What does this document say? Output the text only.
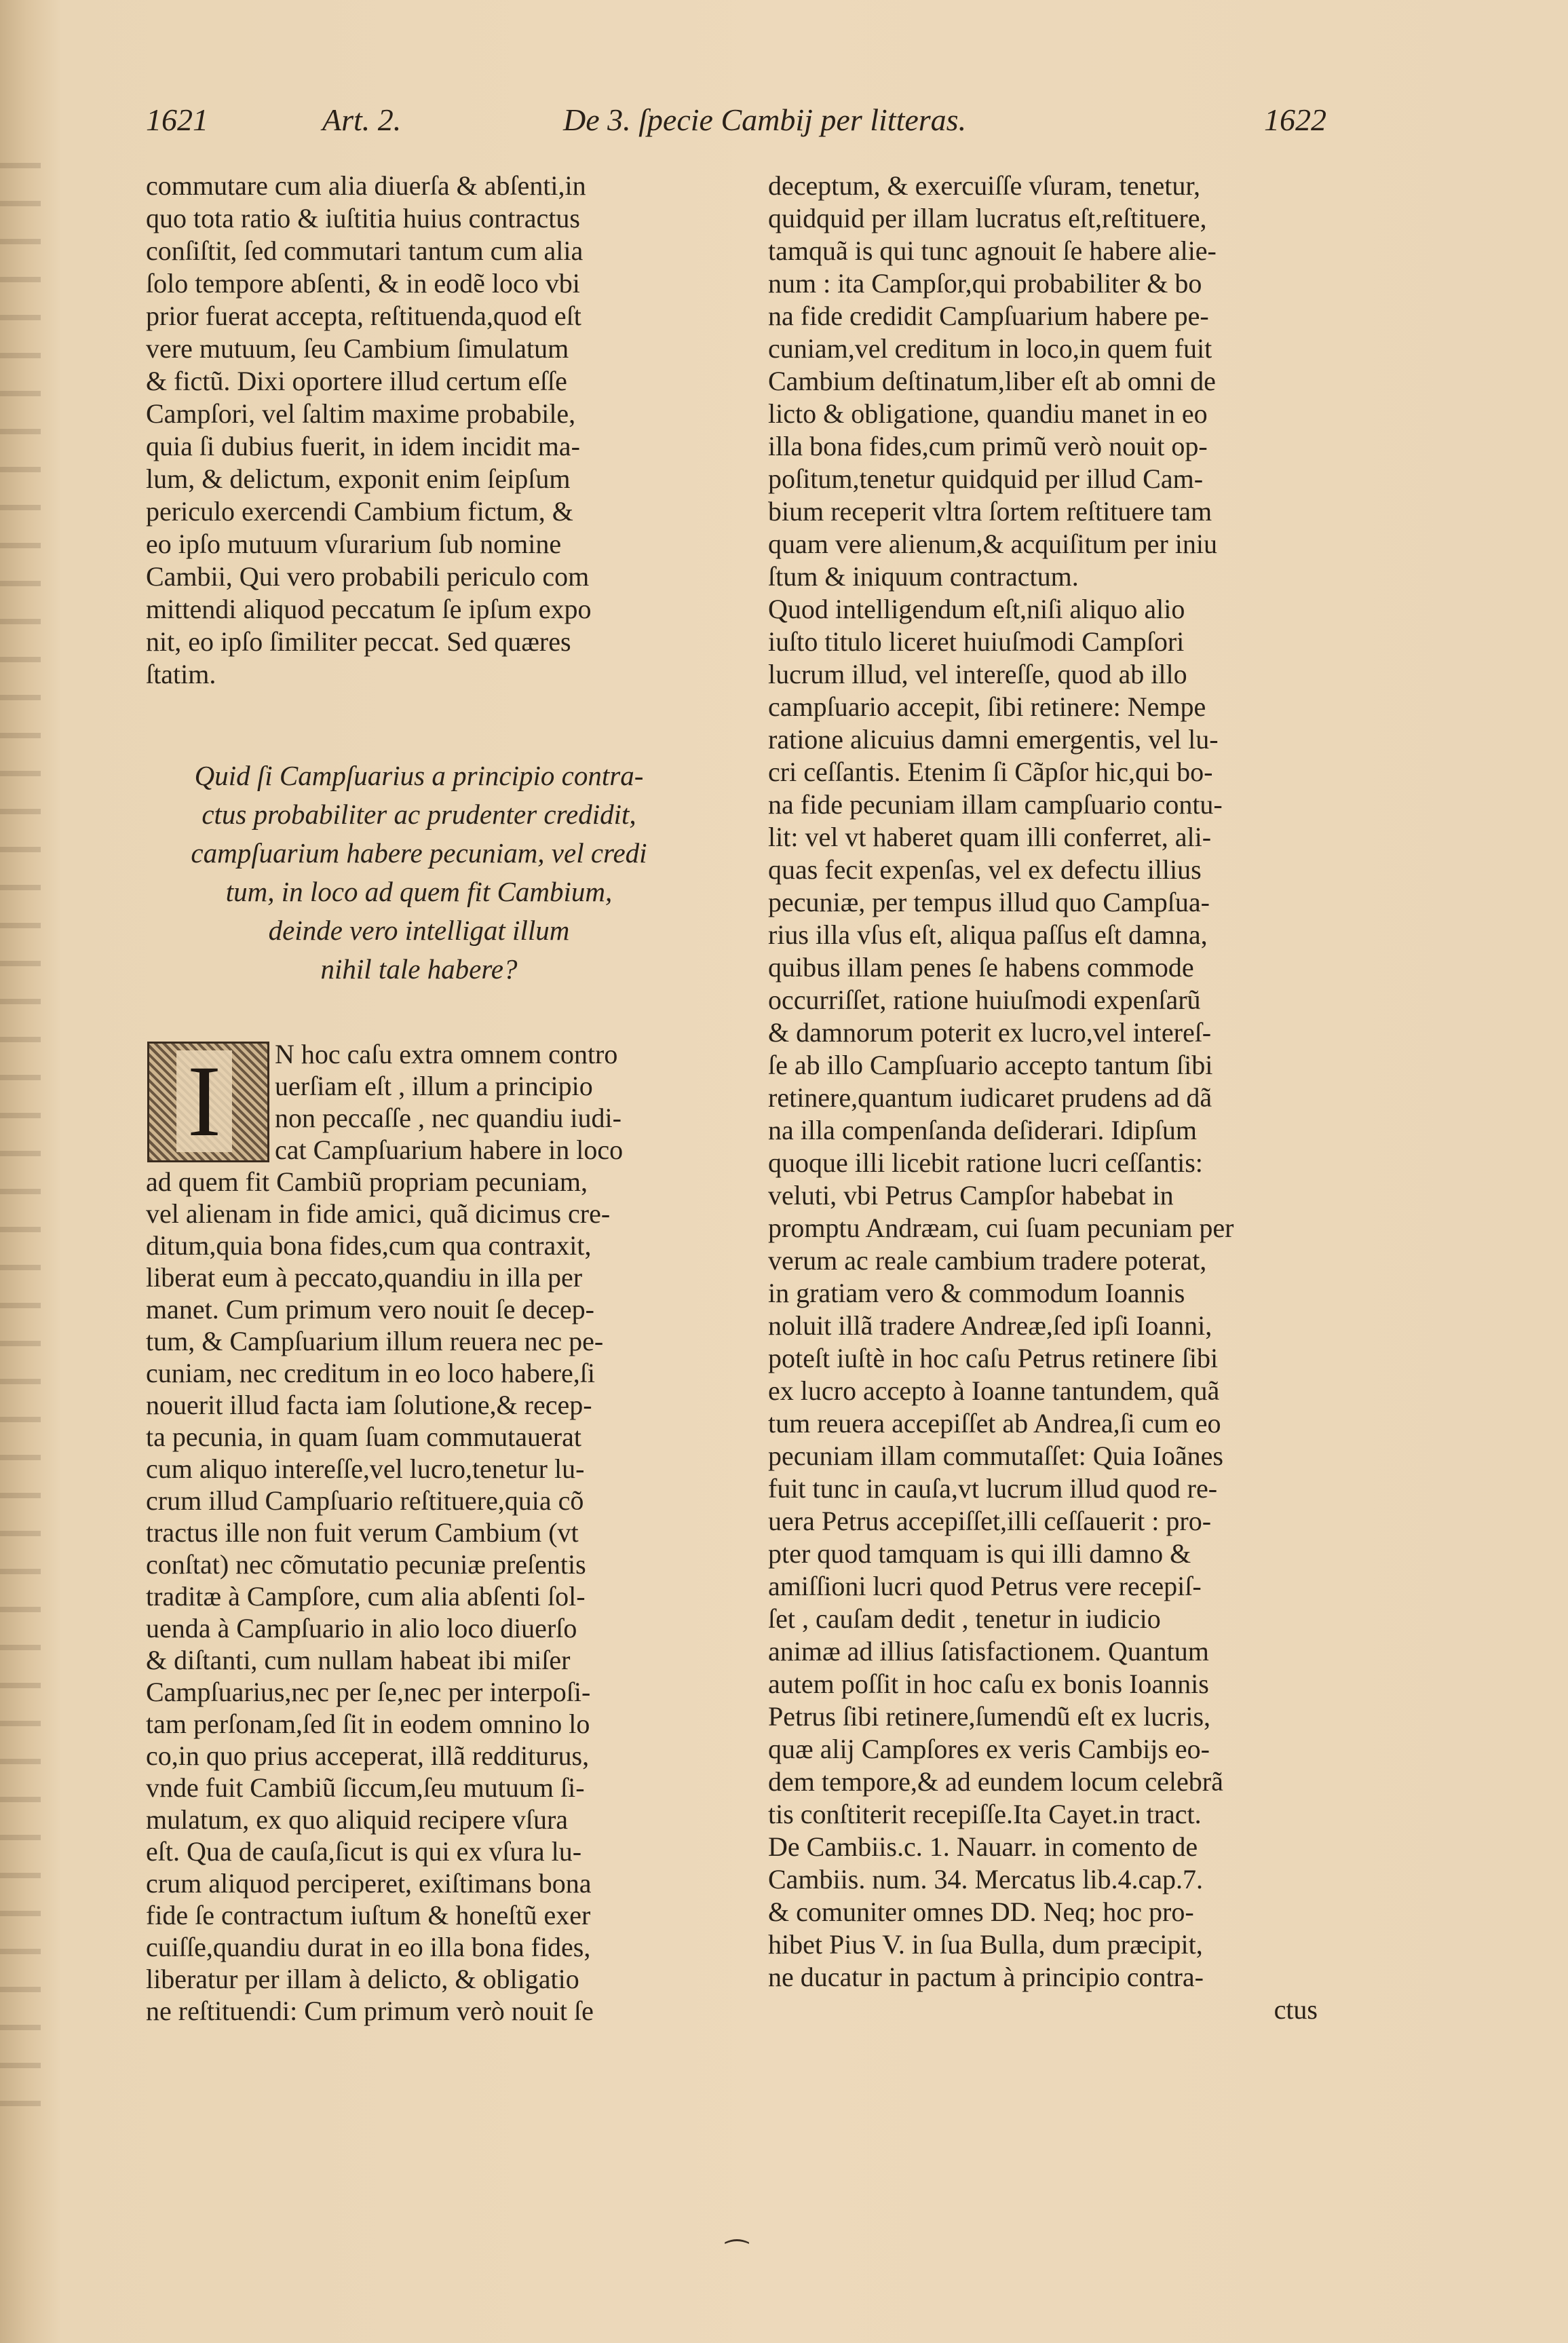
1621	Art. 2.	De 3. ſpecie Cambij per litteras.	1622
commutare cum alia diuerſa & abſenti,in
quo tota ratio & iuſtitia huius contractus
conſiſtit, ſed commutari tantum cum alia
ſolo tempore abſenti, & in eodẽ loco vbi
prior fuerat accepta, reſtituenda,quod eſt
vere mutuum, ſeu Cambium ſimulatum
& fictũ. Dixi oportere illud certum eſſe
Campſori, vel ſaltim maxime probabile,
quia ſi dubius fuerit, in idem incidit ma-
lum, & delictum, exponit enim ſeipſum
periculo exercendi Cambium fictum, &
eo ipſo mutuum vſurarium ſub nomine
Cambii, Qui vero probabili periculo com
mittendi aliquod peccatum ſe ipſum expo
nit, eo ipſo ſimiliter peccat. Sed quæres
ſtatim.
Quid ſi Campſuarius a principio contra-
ctus probabiliter ac prudenter credidit,
campſuarium habere pecuniam, vel credi
tum, in loco ad quem fit Cambium,
deinde vero intelligat illum
nihil tale habere?
I	N hoc caſu extra omnem contro
uerſiam eſt , illum a principio
non peccaſſe , nec quandiu iudi-
cat Campſuarium habere in loco
ad quem fit Cambiũ propriam pecuniam,
vel alienam in fide amici, quã dicimus cre-
ditum,quia bona fides,cum qua contraxit,
liberat eum à peccato,quandiu in illa per
manet. Cum primum vero nouit ſe decep-
tum, & Campſuarium illum reuera nec pe-
cuniam, nec creditum in eo loco habere,ſi
nouerit illud facta iam ſolutione,& recep-
ta pecunia, in quam ſuam commutauerat
cum aliquo intereſſe,vel lucro,tenetur lu-
crum illud Campſuario reſtituere,quia cõ
tractus ille non fuit verum Cambium (vt
conſtat) nec cõmutatio pecuniæ preſentis
traditæ à Campſore, cum alia abſenti ſol-
uenda à Campſuario in alio loco diuerſo
& diſtanti, cum nullam habeat ibi miſer
Campſuarius,nec per ſe,nec per interpoſi-
tam perſonam,ſed ſit in eodem omnino lo
co,in quo prius acceperat, illã redditurus,
vnde fuit Cambiũ ſiccum,ſeu mutuum ſi-
mulatum, ex quo aliquid recipere vſura
eſt. Qua de cauſa,ſicut is qui ex vſura lu-
crum aliquod perciperet, exiſtimans bona
fide ſe contractum iuſtum & honeſtũ exer
cuiſſe,quandiu durat in eo illa bona fides,
liberatur per illam à delicto, & obligatio
ne reſtituendi: Cum primum verò nouit ſe
deceptum, & exercuiſſe vſuram, tenetur,
quidquid per illam lucratus eſt,reſtituere,
tamquã is qui tunc agnouit ſe habere alie-
num : ita Campſor,qui probabiliter & bo
na fide credidit Campſuarium habere pe-
cuniam,vel creditum in loco,in quem fuit
Cambium deſtinatum,liber eſt ab omni de
licto & obligatione, quandiu manet in eo
illa bona fides,cum primũ verò nouit op-
poſitum,tenetur quidquid per illud Cam-
bium receperit vltra ſortem reſtituere tam
quam vere alienum,& acquiſitum per iniu
ſtum & iniquum contractum.
Quod intelligendum eſt,niſi aliquo alio
iuſto titulo liceret huiuſmodi Campſori
lucrum illud, vel intereſſe, quod ab illo
campſuario accepit, ſibi retinere: Nempe
ratione alicuius damni emergentis, vel lu-
cri ceſſantis. Etenim ſi Cãpſor hic,qui bo-
na fide pecuniam illam campſuario contu-
lit: vel vt haberet quam illi conferret, ali-
quas fecit expenſas, vel ex defectu illius
pecuniæ, per tempus illud quo Campſua-
rius illa vſus eſt, aliqua paſſus eſt damna,
quibus illam penes ſe habens commode
occurriſſet, ratione huiuſmodi expenſarũ
& damnorum poterit ex lucro,vel intereſ-
ſe ab illo Campſuario accepto tantum ſibi
retinere,quantum iudicaret prudens ad dã
na illa compenſanda deſiderari. Idipſum
quoque illi licebit ratione lucri ceſſantis:
veluti, vbi Petrus Campſor habebat in
promptu Andræam, cui ſuam pecuniam per
verum ac reale cambium tradere poterat,
in gratiam vero & commodum Ioannis
noluit illã tradere Andreæ,ſed ipſi Ioanni,
poteſt iuſtè in hoc caſu Petrus retinere ſibi
ex lucro accepto à Ioanne tantundem, quã
tum reuera accepiſſet ab Andrea,ſi cum eo
pecuniam illam commutaſſet: Quia Ioãnes
fuit tunc in cauſa,vt lucrum illud quod re-
uera Petrus accepiſſet,illi ceſſauerit : pro-
pter quod tamquam is qui illi damno &
amiſſioni lucri quod Petrus vere recepiſ-
ſet , cauſam dedit , tenetur in iudicio
animæ ad illius ſatisfactionem. Quantum
autem poſſit in hoc caſu ex bonis Ioannis
Petrus ſibi retinere,ſumendũ eſt ex lucris,
quæ alij Campſores ex veris Cambijs eo-
dem tempore,& ad eundem locum celebrã
tis conſtiterit recepiſſe.Ita Cayet.in tract.
De Cambiis.c. 1. Nauarr. in comento de
Cambiis. num. 34. Mercatus lib.4.cap.7.
& comuniter omnes DD. Neq; hoc pro-
hibet Pius V. in ſua Bulla, dum præcipit,
ne ducatur in pactum à principio contra-
ctus
⁀
